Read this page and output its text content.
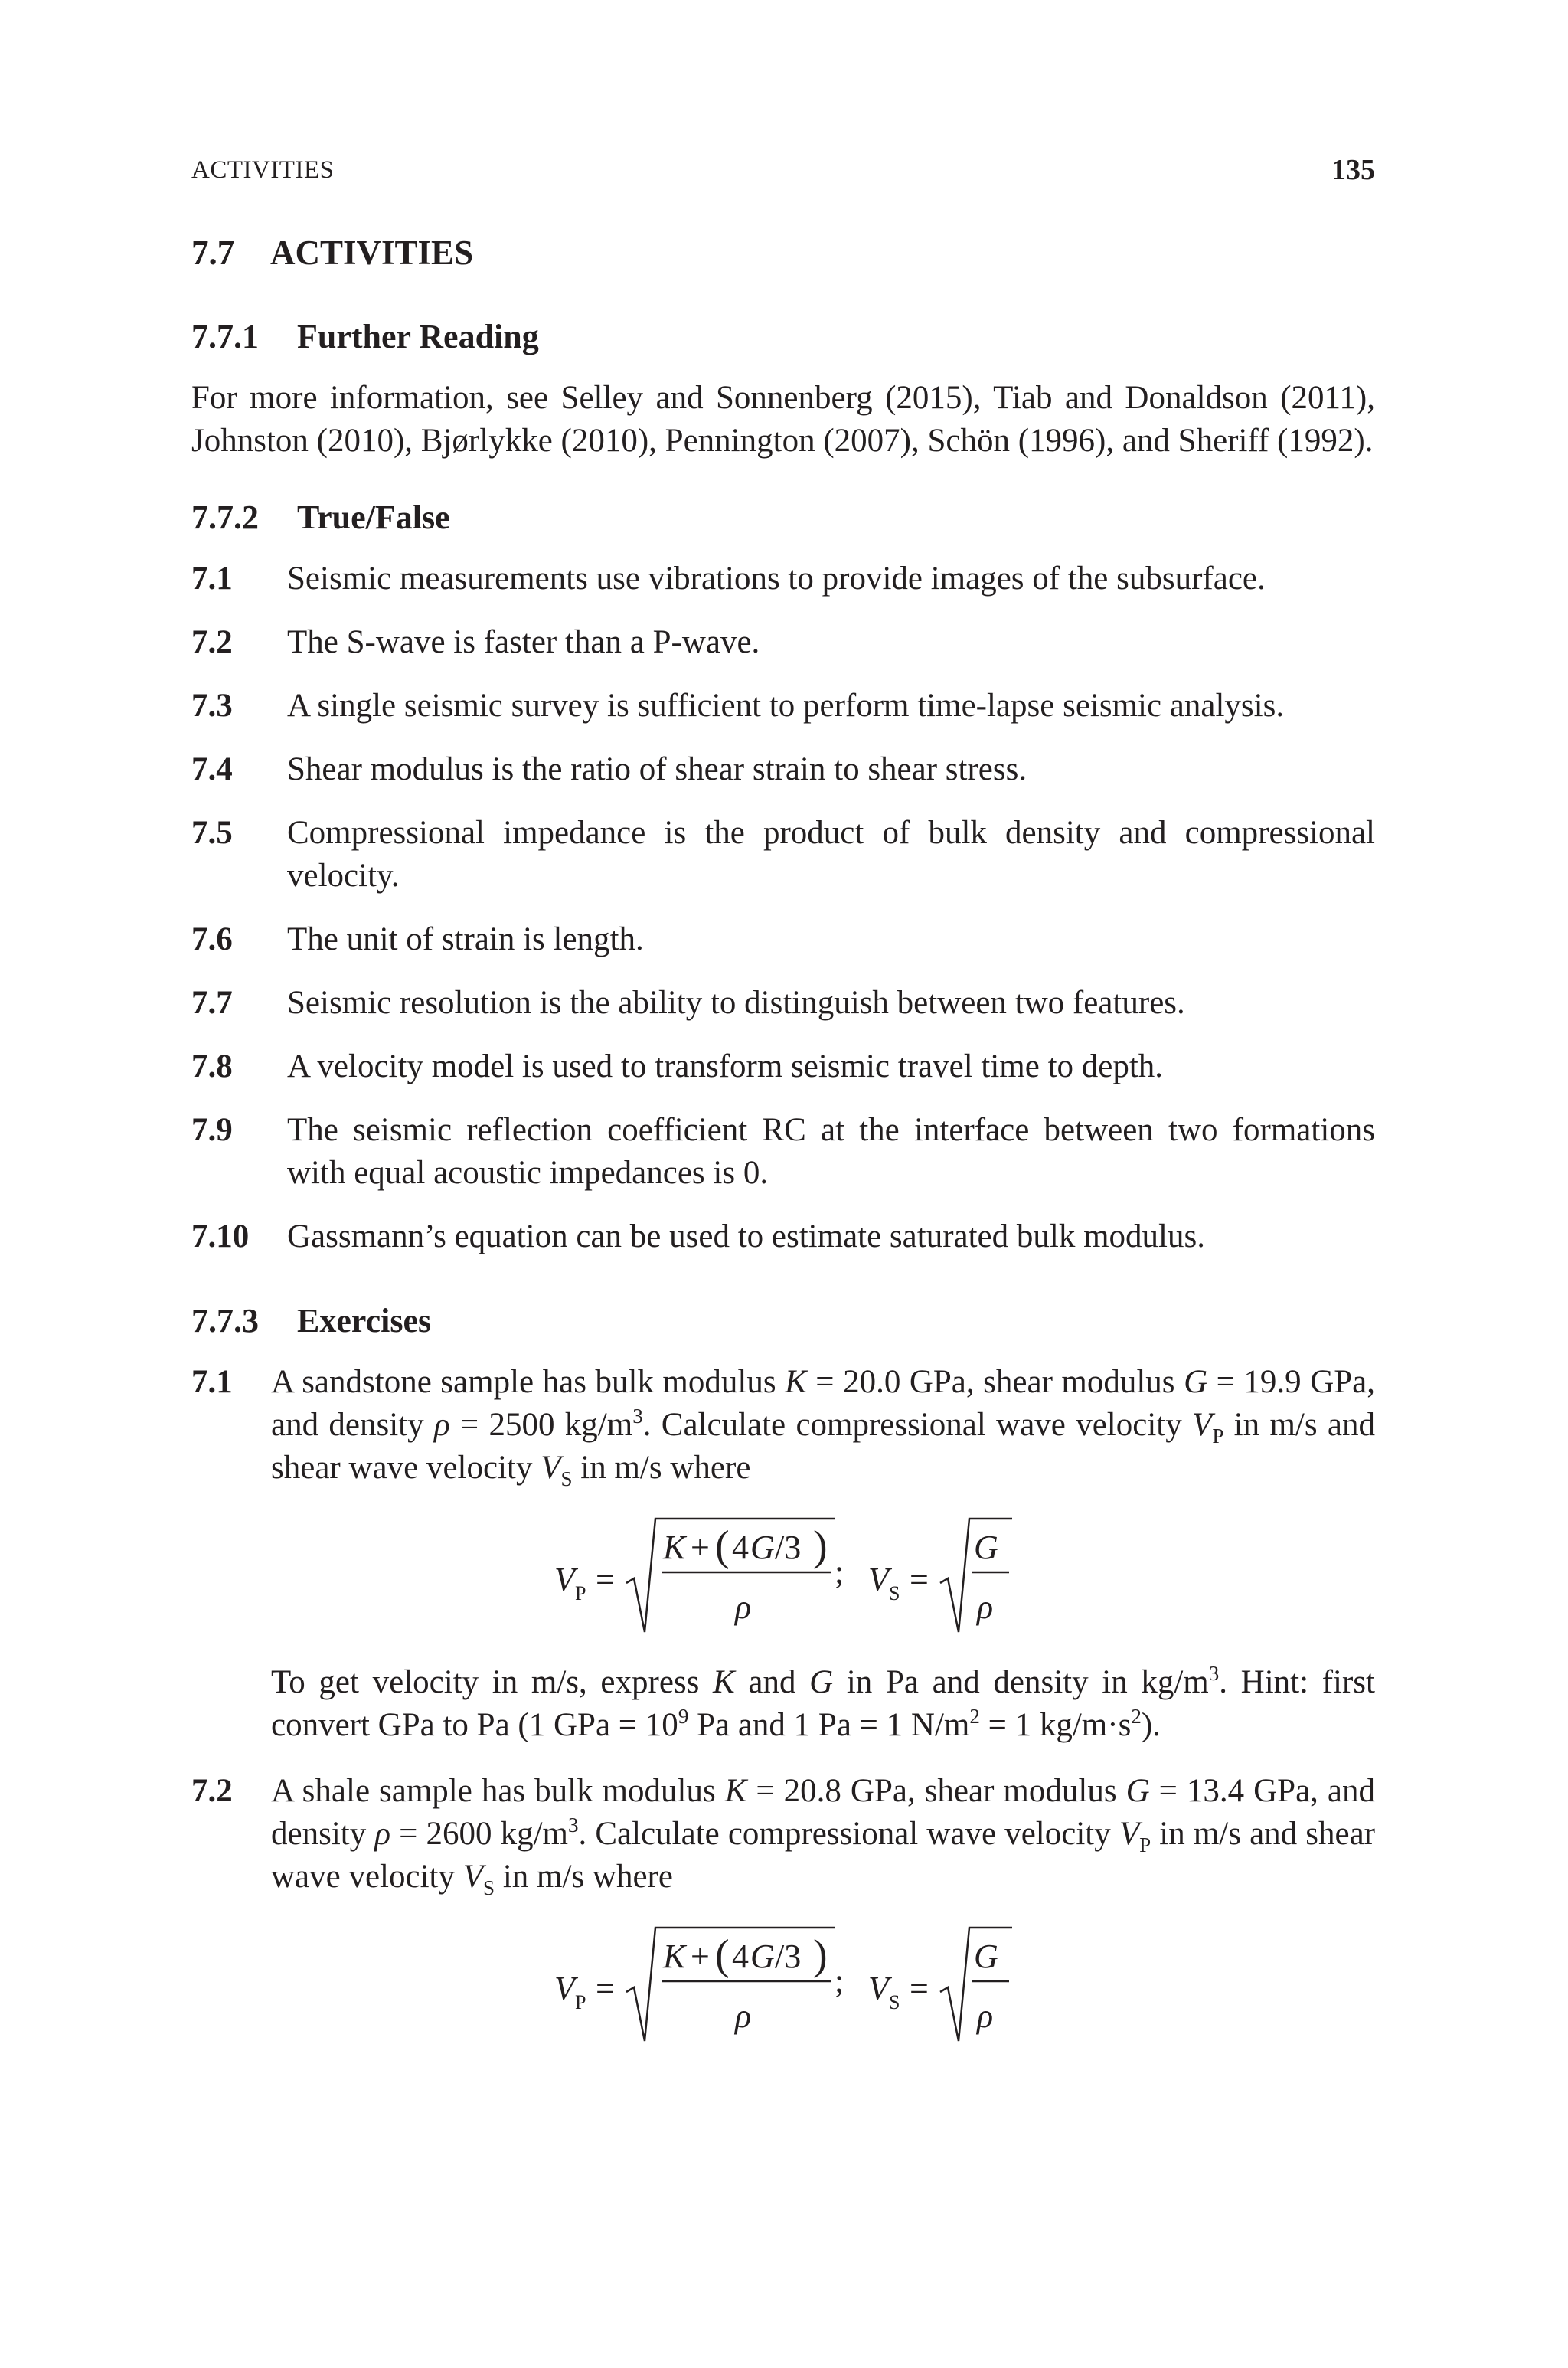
ACTIVITIES	135
7.7 ACTIVITIES
7.7.1 Further Reading

For more information, see Selley and Sonnenberg (2015), Tiab and Donaldson (2011), Johnston (2010), Bjørlykke (2010), Pennington (2007), Schön (1996), and Sheriff (1992).

7.7.2 True/False
7.1	Seismic measurements use vibrations to provide images of the subsurface.
7.2	The S-wave is faster than a P-wave.
7.3	A single seismic survey is sufficient to perform time-lapse seismic analysis.
7.4	Shear modulus is the ratio of shear strain to shear stress.
7.5	Compressional impedance is the product of bulk density and compressional velocity.
7.6	The unit of strain is length.
7.7	Seismic resolution is the ability to distinguish between two features.
7.8	A velocity model is used to transform seismic travel time to depth.
7.9	The seismic reflection coefficient RC at the interface between two formations with equal acoustic impedances is 0.
7.10	Gassmann’s equation can be used to estimate saturated bulk modulus.
7.7.3 Exercises
7.1	A sandstone sample has bulk modulus K = 20.0 GPa, shear modulus G = 19.9 GPa, and density ρ = 2500 $kg/m^3$. Calculate compressional wave velocity $V_P$ in m/s and shear wave velocity $V_S$ in m/s where
V P =
K + ( 4 G /3 )
ρ
; V S =
G
ρ
To get velocity in m/s, express K and G in Pa and density in $kg/m^3$. Hint: first convert GPa to Pa (1 GPa = $10^9$ Pa and 1 Pa = 1 $N/m^2 = 1$ $kg/m\cdot s^2$).
7.2	A shale sample has bulk modulus K = 20.8 GPa, shear modulus G = 13.4 GPa, and density ρ = 2600 $kg/m^3$. Calculate compressional wave velocity $V_P$ in m/s and shear wave velocity $V_S$ in m/s where
V P =
K + ( 4 G /3 )
ρ
; V S =
G
ρ
